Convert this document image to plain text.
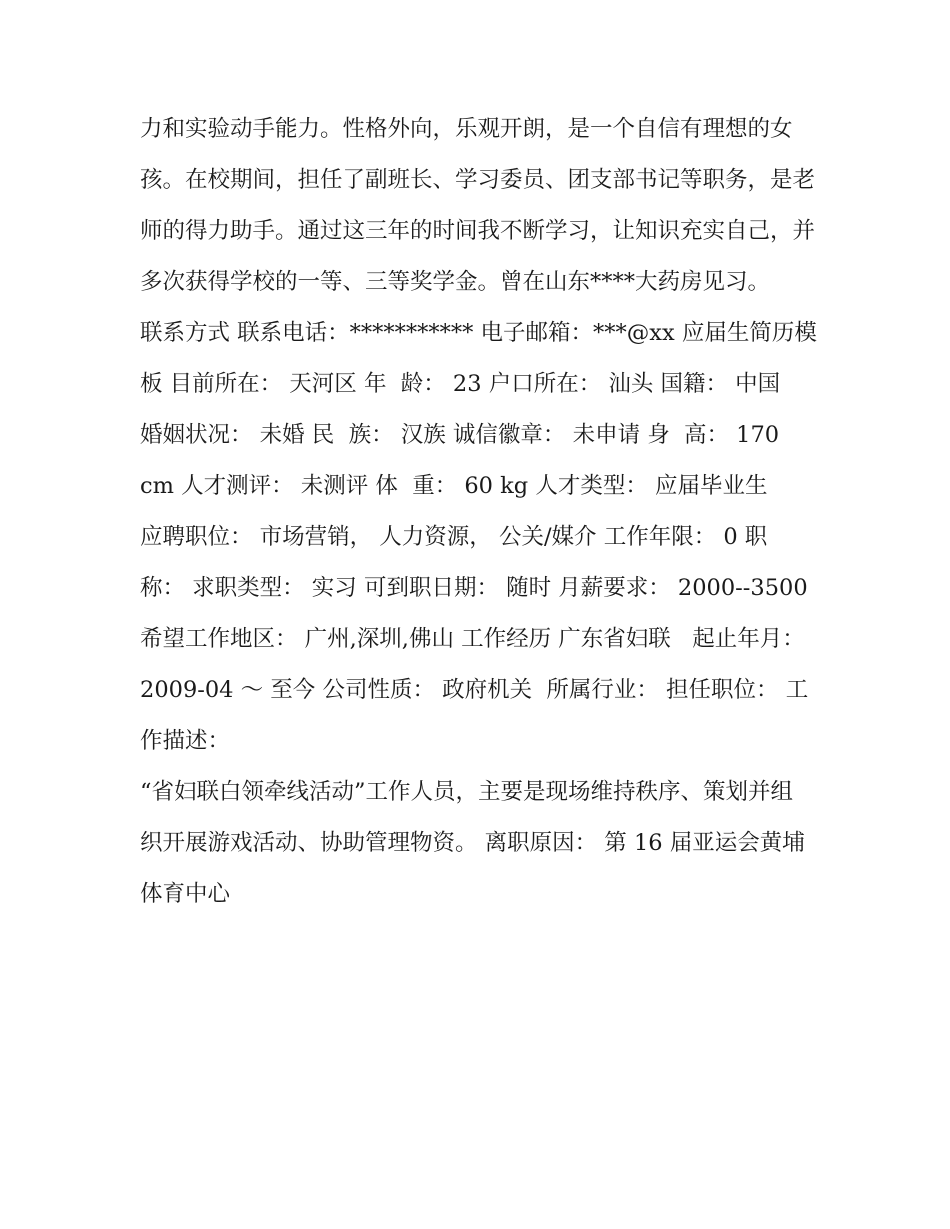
力和实验动手能力。性格外向，乐观开朗，是一个自信有理想的女孩。在校期间，担任了副班长、学习委员、团支部书记等职务，是老师的得力助手。通过这三年的时间我不断学习，让知识充实自己，并多次获得学校的一等、三等奖学金。曾在山东****大药房见习。

联系方式 联系电话：*********** 电子邮箱：***@xx 应届生简历模板 目前所在： 天河区 年  龄： 23 户口所在： 汕头 国籍： 中国

婚姻状况： 未婚 民  族： 汉族 诚信徽章： 未申请 身  高： 170 cm 人才测评： 未测评 体  重： 60 kg 人才类型： 应届毕业生

应聘职位： 市场营销， 人力资源， 公关/媒介 工作年限： 0 职  称： 求职类型： 实习 可到职日期： 随时 月薪要求： 2000--3500

希望工作地区： 广州,深圳,佛山 工作经历 广东省妇联   起止年月：2009-04 ～ 至今 公司性质： 政府机关  所属行业： 担任职位： 工作描述：

“省妇联白领牵线活动”工作人员，主要是现场维持秩序、策划并组 织开展游戏活动、协助管理物资。 离职原因： 第 16 届亚运会黄埔体育中心
